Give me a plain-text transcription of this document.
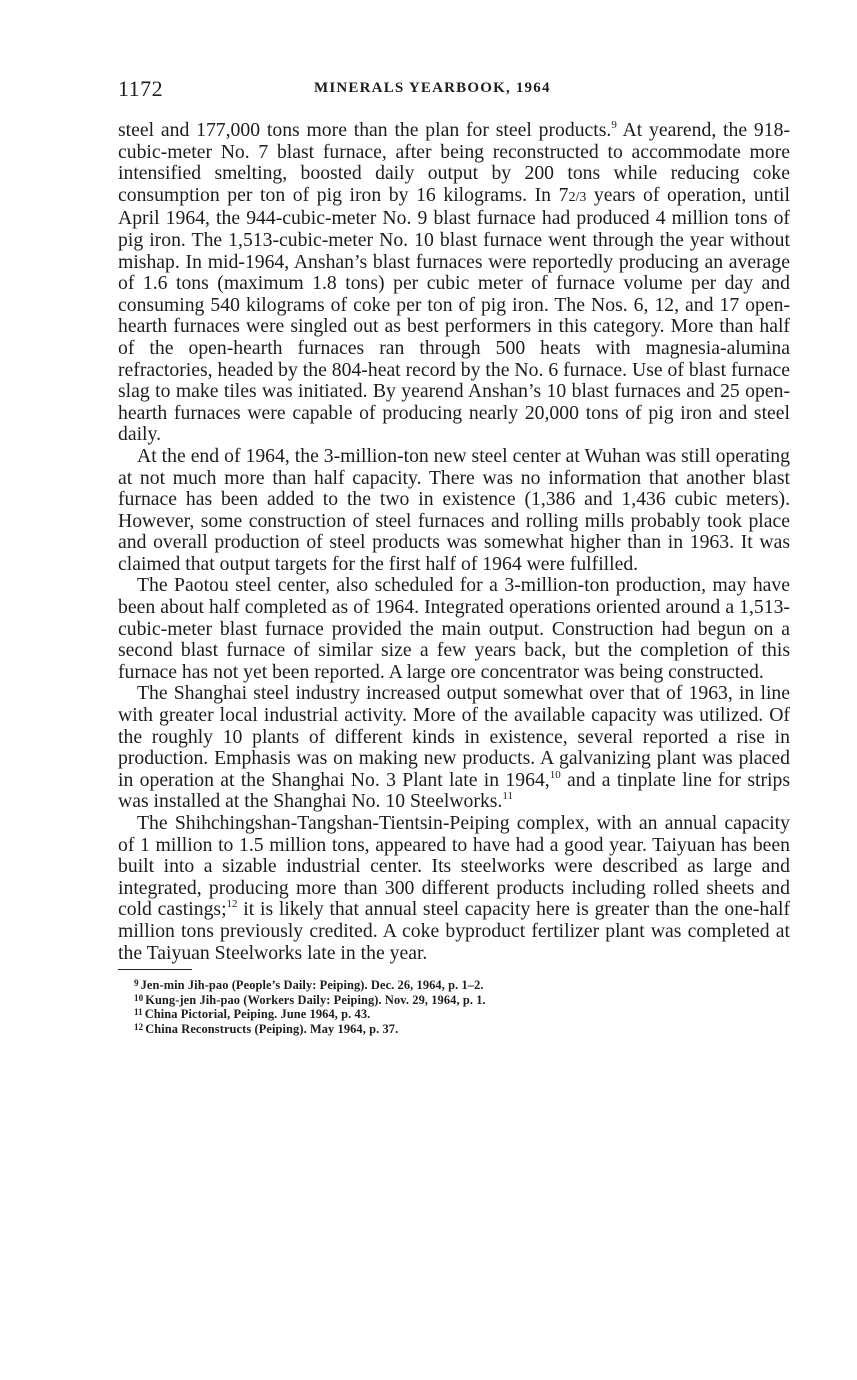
1172	MINERALS YEARBOOK, 1964

steel and 177,000 tons more than the plan for steel products.$^9$ At yearend, the 918-cubic-meter No. 7 blast furnace, after being reconstructed to accommodate more intensified smelting, boosted daily output by 200 tons while reducing coke consumption per ton of pig iron by 16 kilograms. In 72/3 years of operation, until April 1964, the 944-cubic-meter No. 9 blast furnace had produced 4 million tons of pig iron. The 1,513-cubic-meter No. 10 blast furnace went through the year without mishap. In mid-1964, Anshan’s blast furnaces were reportedly producing an average of 1.6 tons (maximum 1.8 tons) per cubic meter of furnace volume per day and consuming 540 kilograms of coke per ton of pig iron. The Nos. 6, 12, and 17 open-hearth furnaces were singled out as best performers in this category. More than half of the open-hearth furnaces ran through 500 heats with magnesia-alumina refractories, headed by the 804-heat record by the No. 6 furnace. Use of blast furnace slag to make tiles was initiated. By yearend Anshan’s 10 blast furnaces and 25 open-hearth furnaces were capable of producing nearly 20,000 tons of pig iron and steel daily.

At the end of 1964, the 3-million-ton new steel center at Wuhan was still operating at not much more than half capacity. There was no information that another blast furnace has been added to the two in existence (1,386 and 1,436 cubic meters). However, some construction of steel furnaces and rolling mills probably took place and overall production of steel products was somewhat higher than in 1963. It was claimed that output targets for the first half of 1964 were fulfilled.

The Paotou steel center, also scheduled for a 3-million-ton production, may have been about half completed as of 1964. Integrated operations oriented around a 1,513-cubic-meter blast furnace provided the main output. Construction had begun on a second blast furnace of similar size a few years back, but the completion of this furnace has not yet been reported. A large ore concentrator was being constructed.

The Shanghai steel industry increased output somewhat over that of 1963, in line with greater local industrial activity. More of the available capacity was utilized. Of the roughly 10 plants of different kinds in existence, several reported a rise in production. Emphasis was on making new products. A galvanizing plant was placed in operation at the Shanghai No. 3 Plant late in 1964,10 and a tinplate line for strips was installed at the Shanghai No. 10 Steelworks.$^{11}$

The Shihchingshan-Tangshan-Tientsin-Peiping complex, with an annual capacity of 1 million to 1.5 million tons, appeared to have had a good year. Taiyuan has been built into a sizable industrial center. Its steelworks were described as large and integrated, producing more than 300 different products including rolled sheets and cold castings;$^{12}$ it is likely that annual steel capacity here is greater than the one-half million tons previously credited. A coke byproduct fertilizer plant was completed at the Taiyuan Steelworks late in the year.

$^9$ Jen-min Jih-pao (People’s Daily: Peiping). Dec. 26, 1964, p. 1–2.
$^{10}$ Kung-jen Jih-pao (Workers Daily: Peiping). Nov. 29, 1964, p. 1.
$^{11}$ China Pictorial, Peiping. June 1964, p. 43.
$^{12}$ China Reconstructs (Peiping). May 1964, p. 37.
